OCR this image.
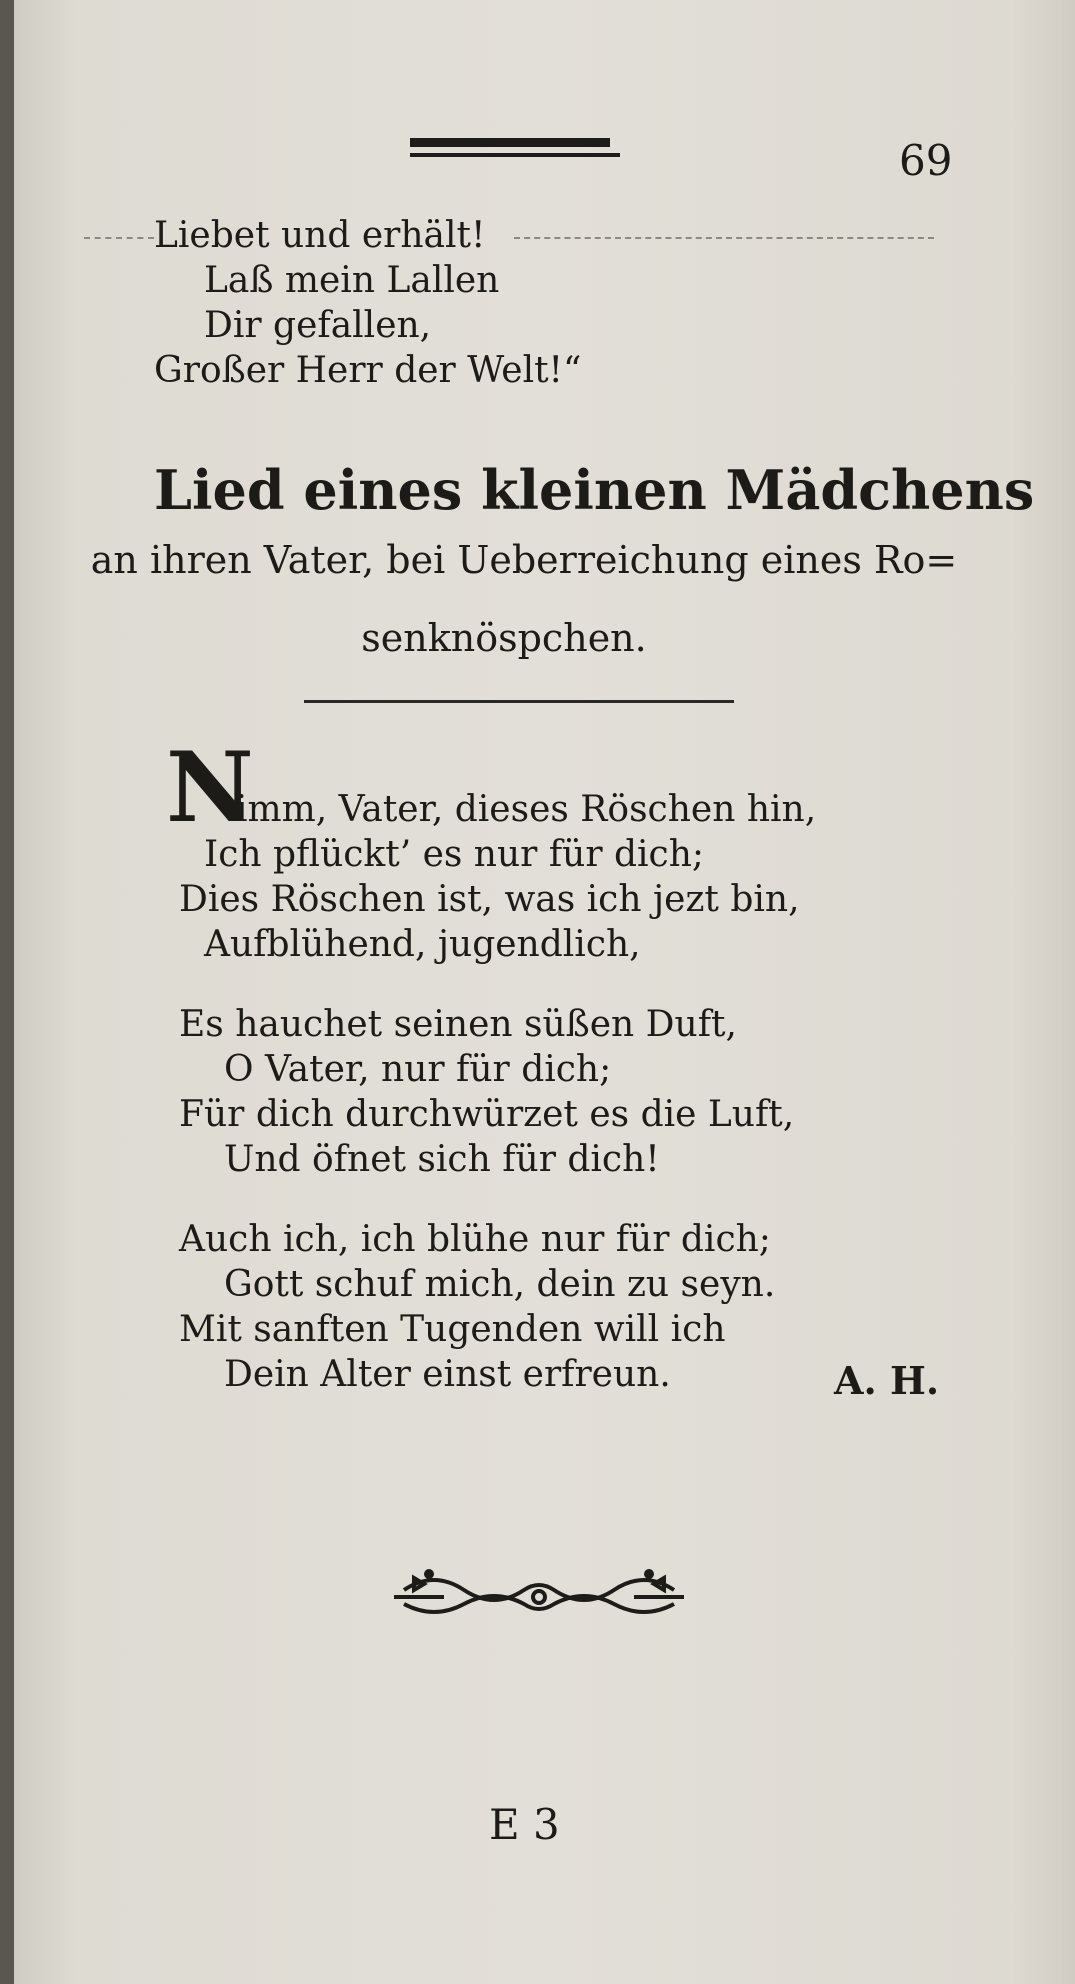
69
Liebet und erhält!
Laß mein Lallen
Dir gefallen,
Großer Herr der Welt!“
Lied eines kleinen Mädchens
an ihren Vater, bei Ueberreichung eines Ro=
senknöspchen.
N
imm, Vater, dieses Röschen hin,
Ich pflückt’ es nur für dich;
Dies Röschen ist, was ich jezt bin,
Aufblühend, jugendlich,
Es hauchet seinen süßen Duft,
O Vater, nur für dich;
Für dich durchwürzet es die Luft,
Und öfnet sich für dich!
Auch ich, ich blühe nur für dich;
Gott schuf mich, dein zu seyn.
Mit sanften Tugenden will ich
Dein Alter einst erfreun.	A. H.
E 3
